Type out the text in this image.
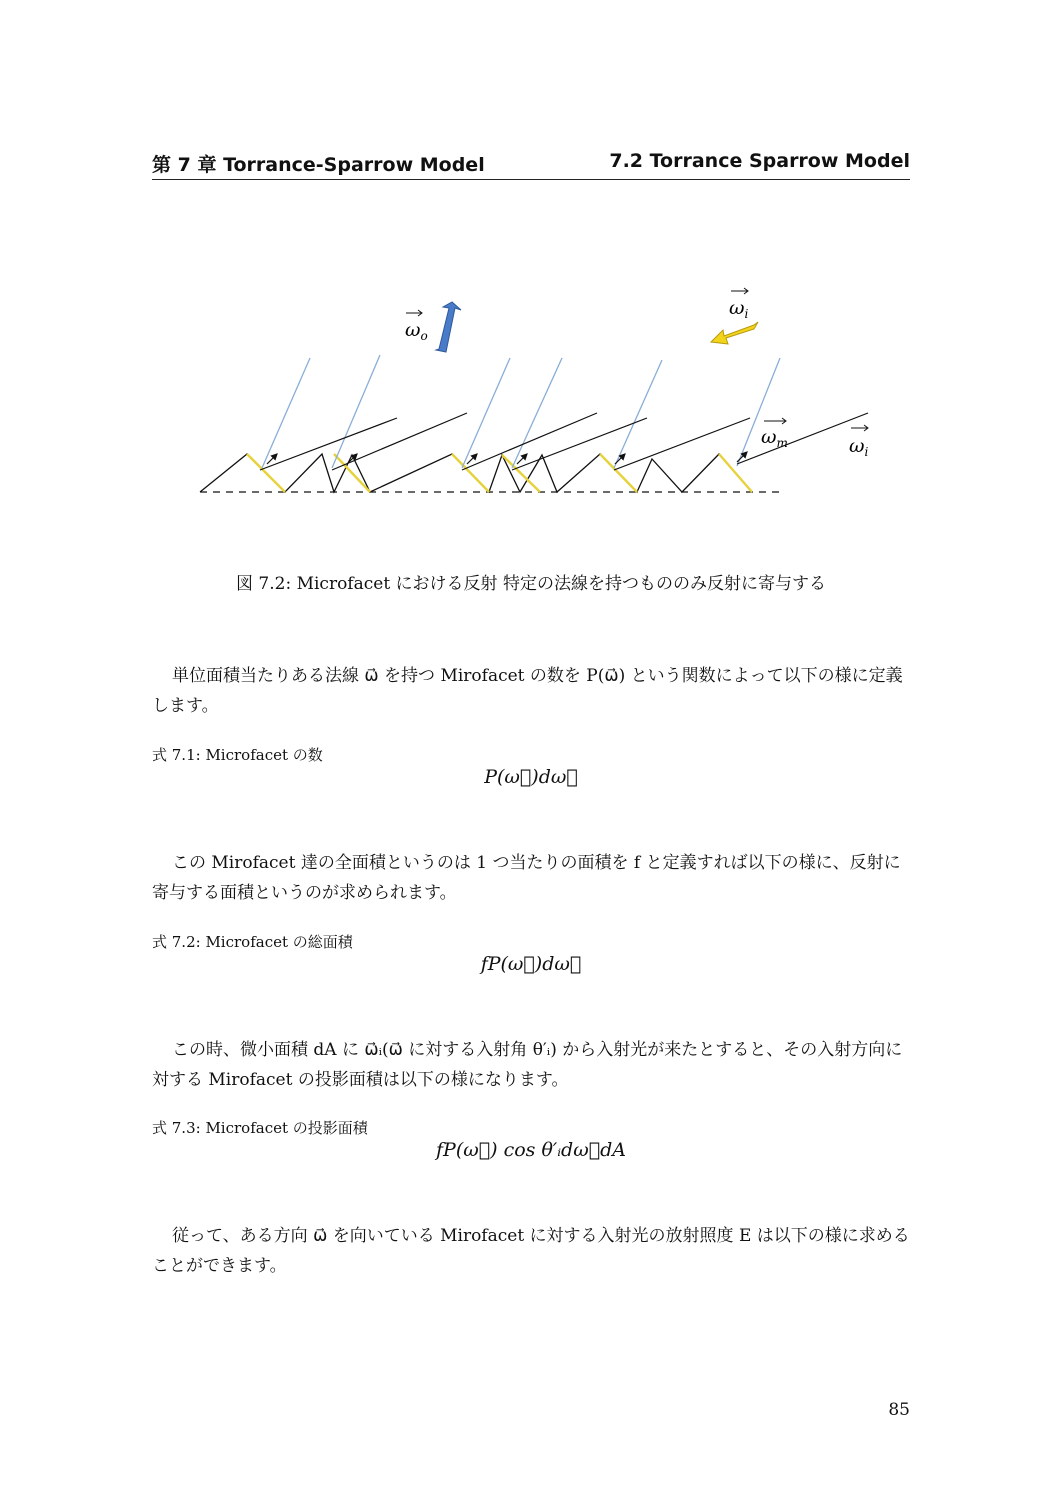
第 7 章 Torrance-Sparrow Model	7.2 Torrance Sparrow Model
$\omega_o$
$\omega_i$
$\omega_m$	$\omega_i$
図 7.2: Microfacet における反射 特定の法線を持つもののみ反射に寄与する
単位面積当たりある法線 ω⃗ を持つ Mirofacet の数を P(ω⃗) という関数によって以下の様に定義します。
式 7.1: Microfacet の数
P(ω⃗)dω⃗
この Mirofacet 達の全面積というのは 1 つ当たりの面積を f と定義すれば以下の様に、反射に寄与する面積というのが求められます。
式 7.2: Microfacet の総面積
fP(ω⃗)dω⃗
この時、微小面積 dA に ω⃗ᵢ(ω⃗ に対する入射角 θ′ᵢ) から入射光が来たとすると、その入射方向に対する Mirofacet の投影面積は以下の様になります。
式 7.3: Microfacet の投影面積
fP(ω⃗) cos θ′ᵢdω⃗dA
従って、ある方向 ω⃗ を向いている Mirofacet に対する入射光の放射照度 E は以下の様に求めることができます。
85
